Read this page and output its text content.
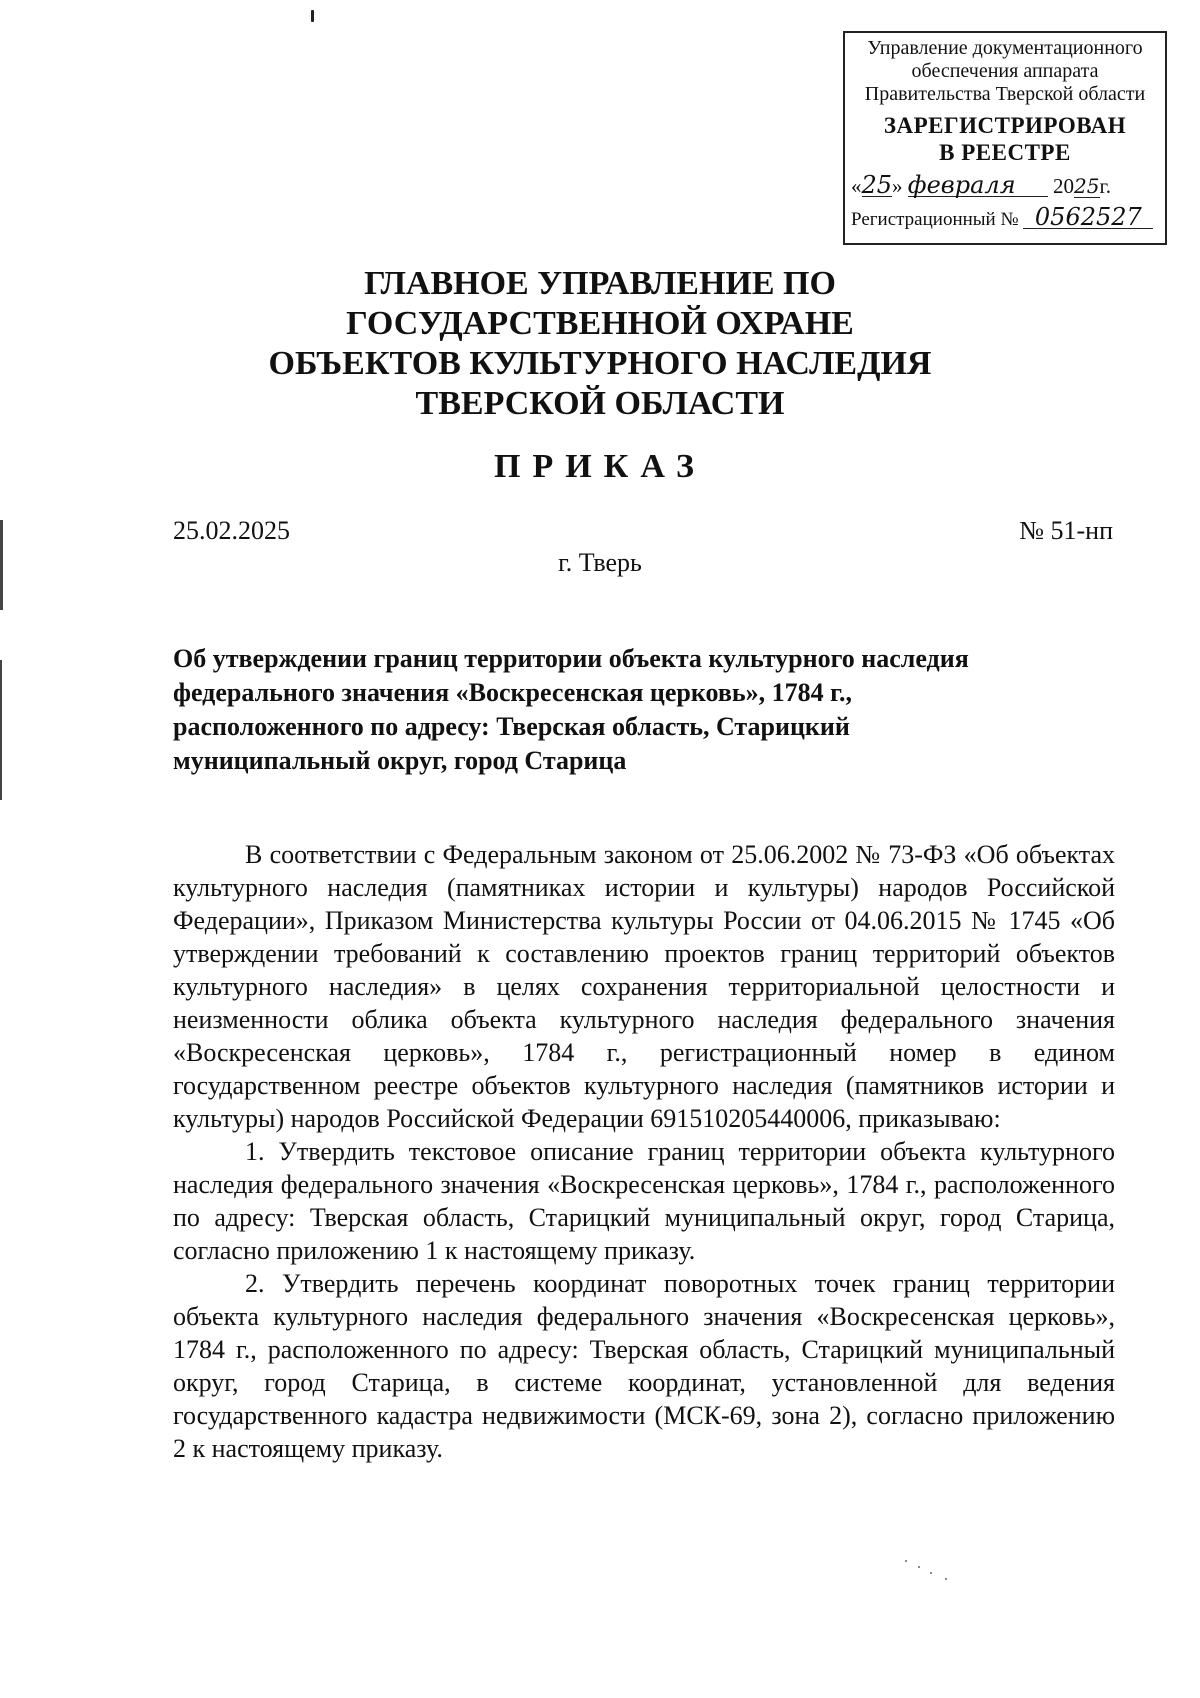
Управление документационного
обеспечения аппарата
Правительства Тверской области
ЗАРЕГИСТРИРОВАН
В РЕЕСТРЕ
«25» февраля 2025г.
Регистрационный № 0562527
ГЛАВНОЕ УПРАВЛЕНИЕ ПО
ГОСУДАРСТВЕННОЙ ОХРАНЕ
ОБЪЕКТОВ КУЛЬТУРНОГО НАСЛЕДИЯ
ТВЕРСКОЙ ОБЛАСТИ
ПРИКАЗ
25.02.2025	№ 51-нп
г. Тверь
Об утверждении границ территории объекта культурного наследия
федерального значения «Воскресенская церковь», 1784 г.,
расположенного по адресу: Тверская область, Старицкий
муниципальный округ, город Старица

В соответствии с Федеральным законом от 25.06.2002 № 73-ФЗ «Об объектах культурного наследия (памятниках истории и культуры) народов Российской Федерации», Приказом Министерства культуры России от 04.06.2015 № 1745 «Об утверждении требований к составлению проектов границ территорий объектов культурного наследия» в целях сохранения территориальной целостности и неизменности облика объекта культурного наследия федерального значения «Воскресенская церковь», 1784 г., регистрационный номер в едином государственном реестре объектов культурного наследия (памятников истории и культуры) народов Российской Федерации 691510205440006, приказываю:

1. Утвердить текстовое описание границ территории объекта культурного наследия федерального значения «Воскресенская церковь», 1784 г., расположенного по адресу: Тверская область, Старицкий муниципальный округ, город Старица, согласно приложению 1 к настоящему приказу.

2. Утвердить перечень координат поворотных точек границ территории объекта культурного наследия федерального значения «Воскресенская церковь», 1784 г., расположенного по адресу: Тверская область, Старицкий муниципальный округ, город Старица, в системе координат, установленной для ведения государственного кадастра недвижимости (МСК-69, зона 2), согласно приложению 2 к настоящему приказу.
